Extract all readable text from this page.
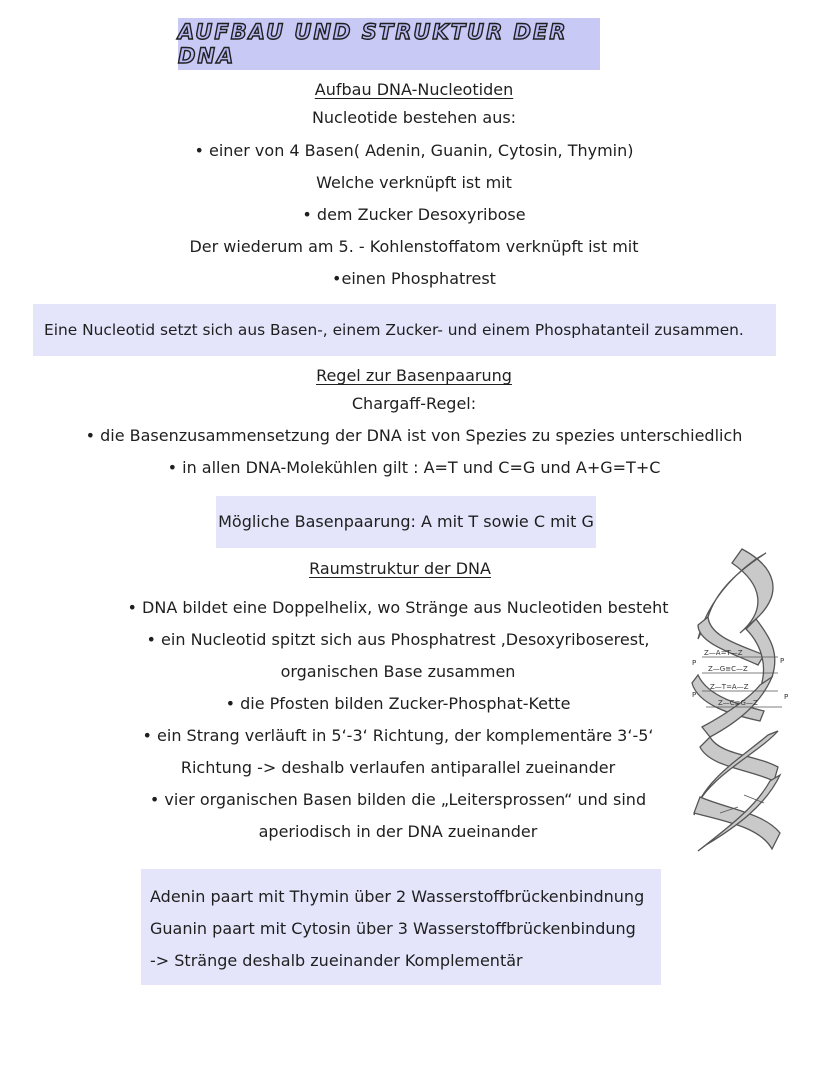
AUFBAU UND STRUKTUR DER DNA
Aufbau DNA-Nucleotiden
Nucleotide bestehen aus:
• einer von 4 Basen( Adenin, Guanin, Cytosin, Thymin)
Welche verknüpft ist mit
• dem Zucker Desoxyribose
Der wiederum am 5. - Kohlenstoffatom verknüpft ist mit
•einen Phosphatrest
Eine Nucleotid setzt sich aus Basen-, einem Zucker- und einem Phosphatanteil zusammen.
Regel zur Basenpaarung
Chargaff-Regel:
• die Basenzusammensetzung der DNA ist von Spezies zu spezies unterschiedlich
• in allen DNA-Molekühlen gilt : A=T und C=G und A+G=T+C
Mögliche Basenpaarung: A mit T sowie C mit G
Raumstruktur der DNA
• DNA bildet eine Doppelhelix, wo Stränge aus Nucleotiden besteht
• ein Nucleotid spitzt sich aus Phosphatrest ,Desoxyriboserest,
organischen Base zusammen
• die Pfosten bilden Zucker-Phosphat-Kette
• ein Strang verläuft in 5‘-3‘ Richtung, der komplementäre 3‘-5‘
Richtung -> deshalb verlaufen antiparallel zueinander
• vier organischen Basen bilden die „Leitersprossen“ und sind
aperiodisch in der DNA zueinander
Z—A=T—Z
Z—G≡C—Z
Z—T=A—Z
Z—C≡G—Z
P	P
P	P
Adenin paart mit Thymin über 2 Wasserstoffbrückenbindnung
Guanin paart mit Cytosin über 3 Wasserstoffbrückenbindung
-> Stränge deshalb zueinander Komplementär
